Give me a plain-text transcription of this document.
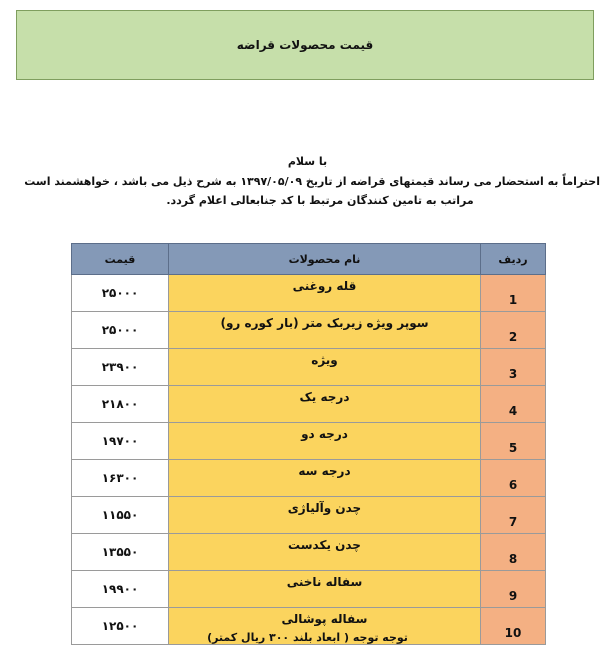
قیمت محصولات قراضه
با سلام
احتراماً به استحضار می رساند قیمتهای قراضه از تاریخ ۱۳۹۷/۰۵/۰۹ به شرح ذیل می باشد ، خواهشمند است
مراتب به تامین کنندگان مرتبط با کد جنابعالی اعلام گردد.
ردیف	نام محصولات	قیمت
1	قله روغنی	۲۵۰۰۰
2	سوپر ویژه زیربک متر (بار کوره رو)	۲۵۰۰۰
3	ویژه	۲۳۹۰۰
4	درجه یک	۲۱۸۰۰
5	درجه دو	۱۹۷۰۰
6	درجه سه	۱۶۳۰۰
7	چدن وآلیاژی	۱۱۵۵۰
8	چدن یکدست	۱۳۵۵۰
9	سفاله ناخنی	۱۹۹۰۰
10	سفاله پوشالی	۱۲۵۰۰
توجه توجه ( ابعاد بلند ۳۰۰ ریال کمتر)
